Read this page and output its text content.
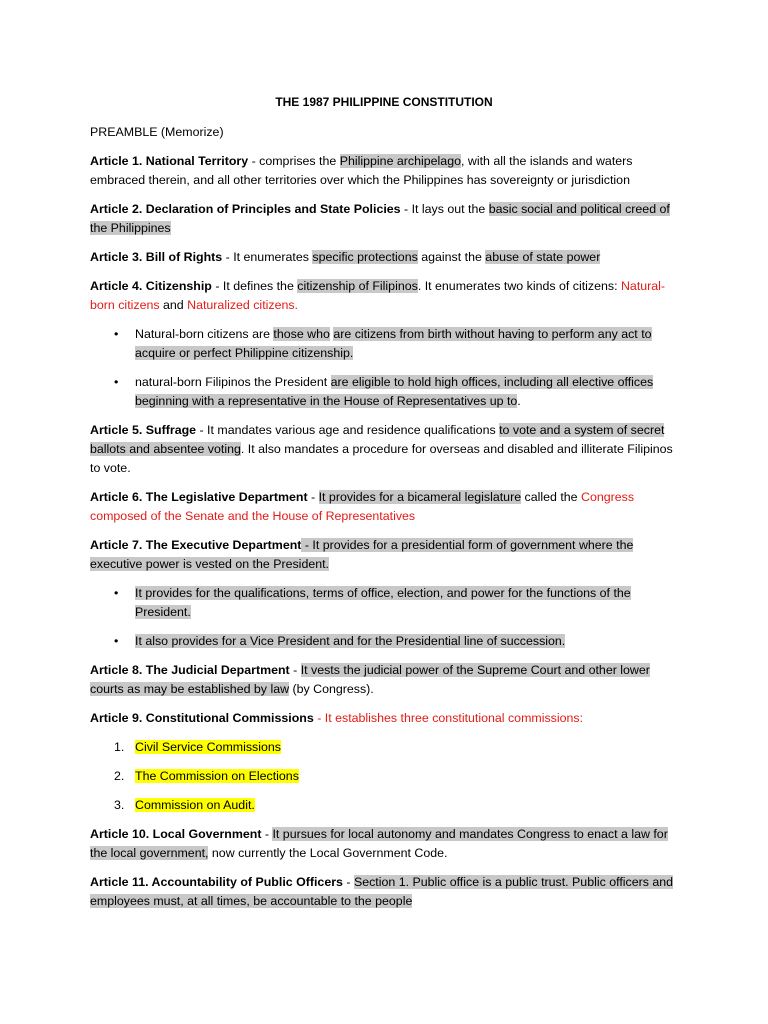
THE 1987 PHILIPPINE CONSTITUTION

PREAMBLE (Memorize)

Article 1. National Territory - comprises the Philippine archipelago, with all the islands and waters embraced therein, and all other territories over which the Philippines has sovereignty or jurisdiction

Article 2. Declaration of Principles and State Policies - It lays out the basic social and political creed of the Philippines

Article 3. Bill of Rights - It enumerates specific protections against the abuse of state power

Article 4. Citizenship - It defines the citizenship of Filipinos. It enumerates two kinds of citizens: Natural-born citizens and Naturalized citizens.

• Natural-born citizens are those who are citizens from birth without having to perform any act to acquire or perfect Philippine citizenship.
• natural-born Filipinos the President are eligible to hold high offices, including all elective offices beginning with a representative in the House of Representatives up to.

Article 5. Suffrage - It mandates various age and residence qualifications to vote and a system of secret ballots and absentee voting. It also mandates a procedure for overseas and disabled and illiterate Filipinos to vote.

Article 6. The Legislative Department - It provides for a bicameral legislature called the Congress composed of the Senate and the House of Representatives

Article 7. The Executive Department - It provides for a presidential form of government where the executive power is vested on the President.

• It provides for the qualifications, terms of office, election, and power for the functions of the President.
• It also provides for a Vice President and for the Presidential line of succession.

Article 8. The Judicial Department - It vests the judicial power of the Supreme Court and other lower courts as may be established by law (by Congress).

Article 9. Constitutional Commissions - It establishes three constitutional commissions:

1. Civil Service Commissions
2. The Commission on Elections
3. Commission on Audit.

Article 10. Local Government - It pursues for local autonomy and mandates Congress to enact a law for the local government, now currently the Local Government Code.

Article 11. Accountability of Public Officers - Section 1. Public office is a public trust. Public officers and employees must, at all times, be accountable to the people
